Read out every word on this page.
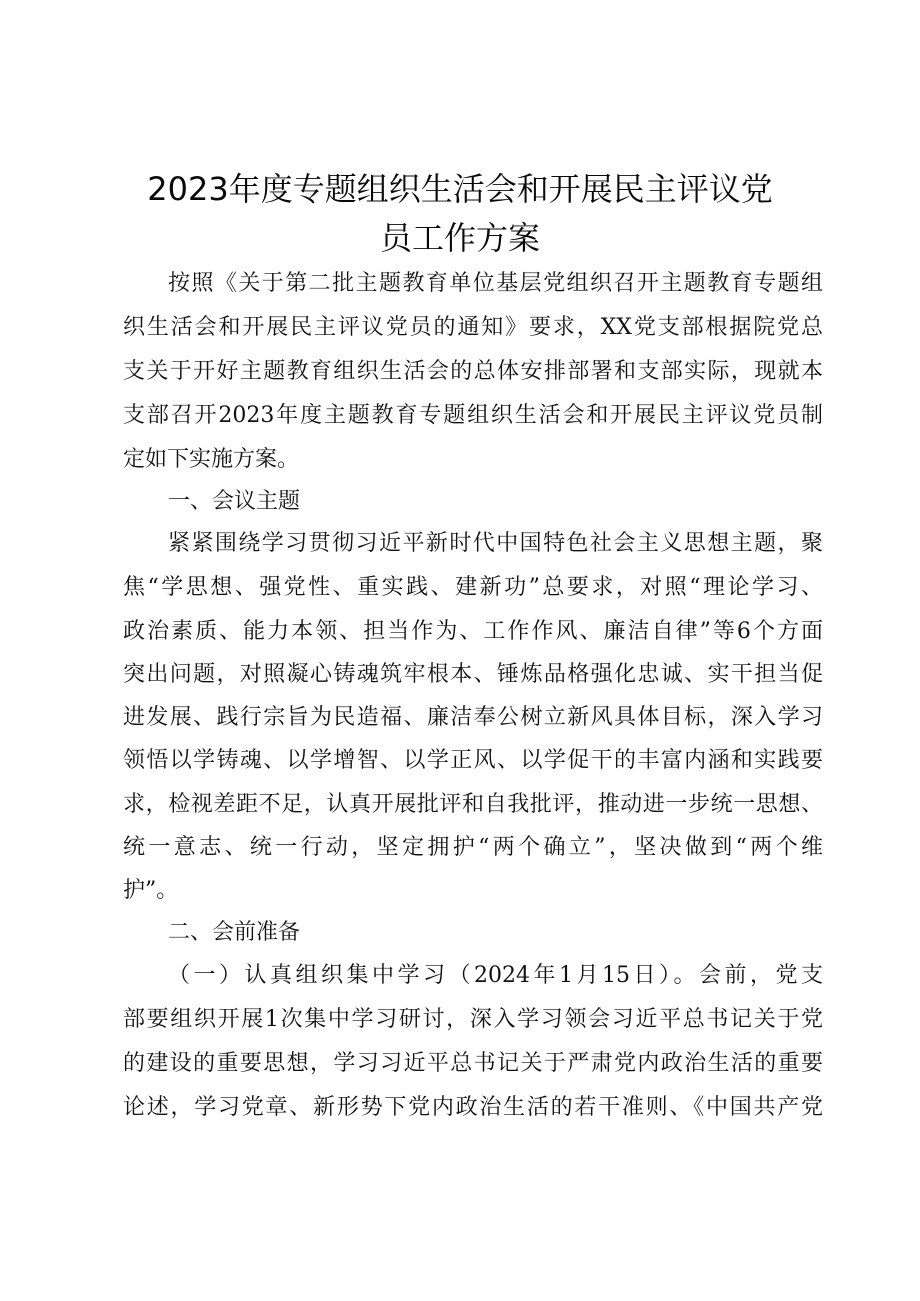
2023年度专题组织生活会和开展民主评议党
员工作方案

按照《关于第二批主题教育单位基层党组织召开主题教育专题组

织生活会和开展民主评议党员的通知》要求，XX党支部根据院党总

支关于开好主题教育组织生活会的总体安排部署和支部实际，现就本

支部召开2023年度主题教育专题组织生活会和开展民主评议党员制

定如下实施方案。

一、会议主题

紧紧围绕学习贯彻习近平新时代中国特色社会主义思想主题，聚

焦“学思想、强党性、重实践、建新功”总要求，对照“理论学习、

政治素质、能力本领、担当作为、工作作风、廉洁自律”等6个方面

突出问题，对照凝心铸魂筑牢根本、锤炼品格强化忠诚、实干担当促

进发展、践行宗旨为民造福、廉洁奉公树立新风具体目标，深入学习

领悟以学铸魂、以学增智、以学正风、以学促干的丰富内涵和实践要

求，检视差距不足，认真开展批评和自我批评，推动进一步统一思想、

统一意志、统一行动，坚定拥护“两个确立”，坚决做到“两个维

护”。

二、会前准备

（一）认真组织集中学习（2024年1月15日）。会前，党支

部要组织开展1次集中学习研讨，深入学习领会习近平总书记关于党

的建设的重要思想，学习习近平总书记关于严肃党内政治生活的重要

论述，学习党章、新形势下党内政治生活的若干准则、《中国共产党
